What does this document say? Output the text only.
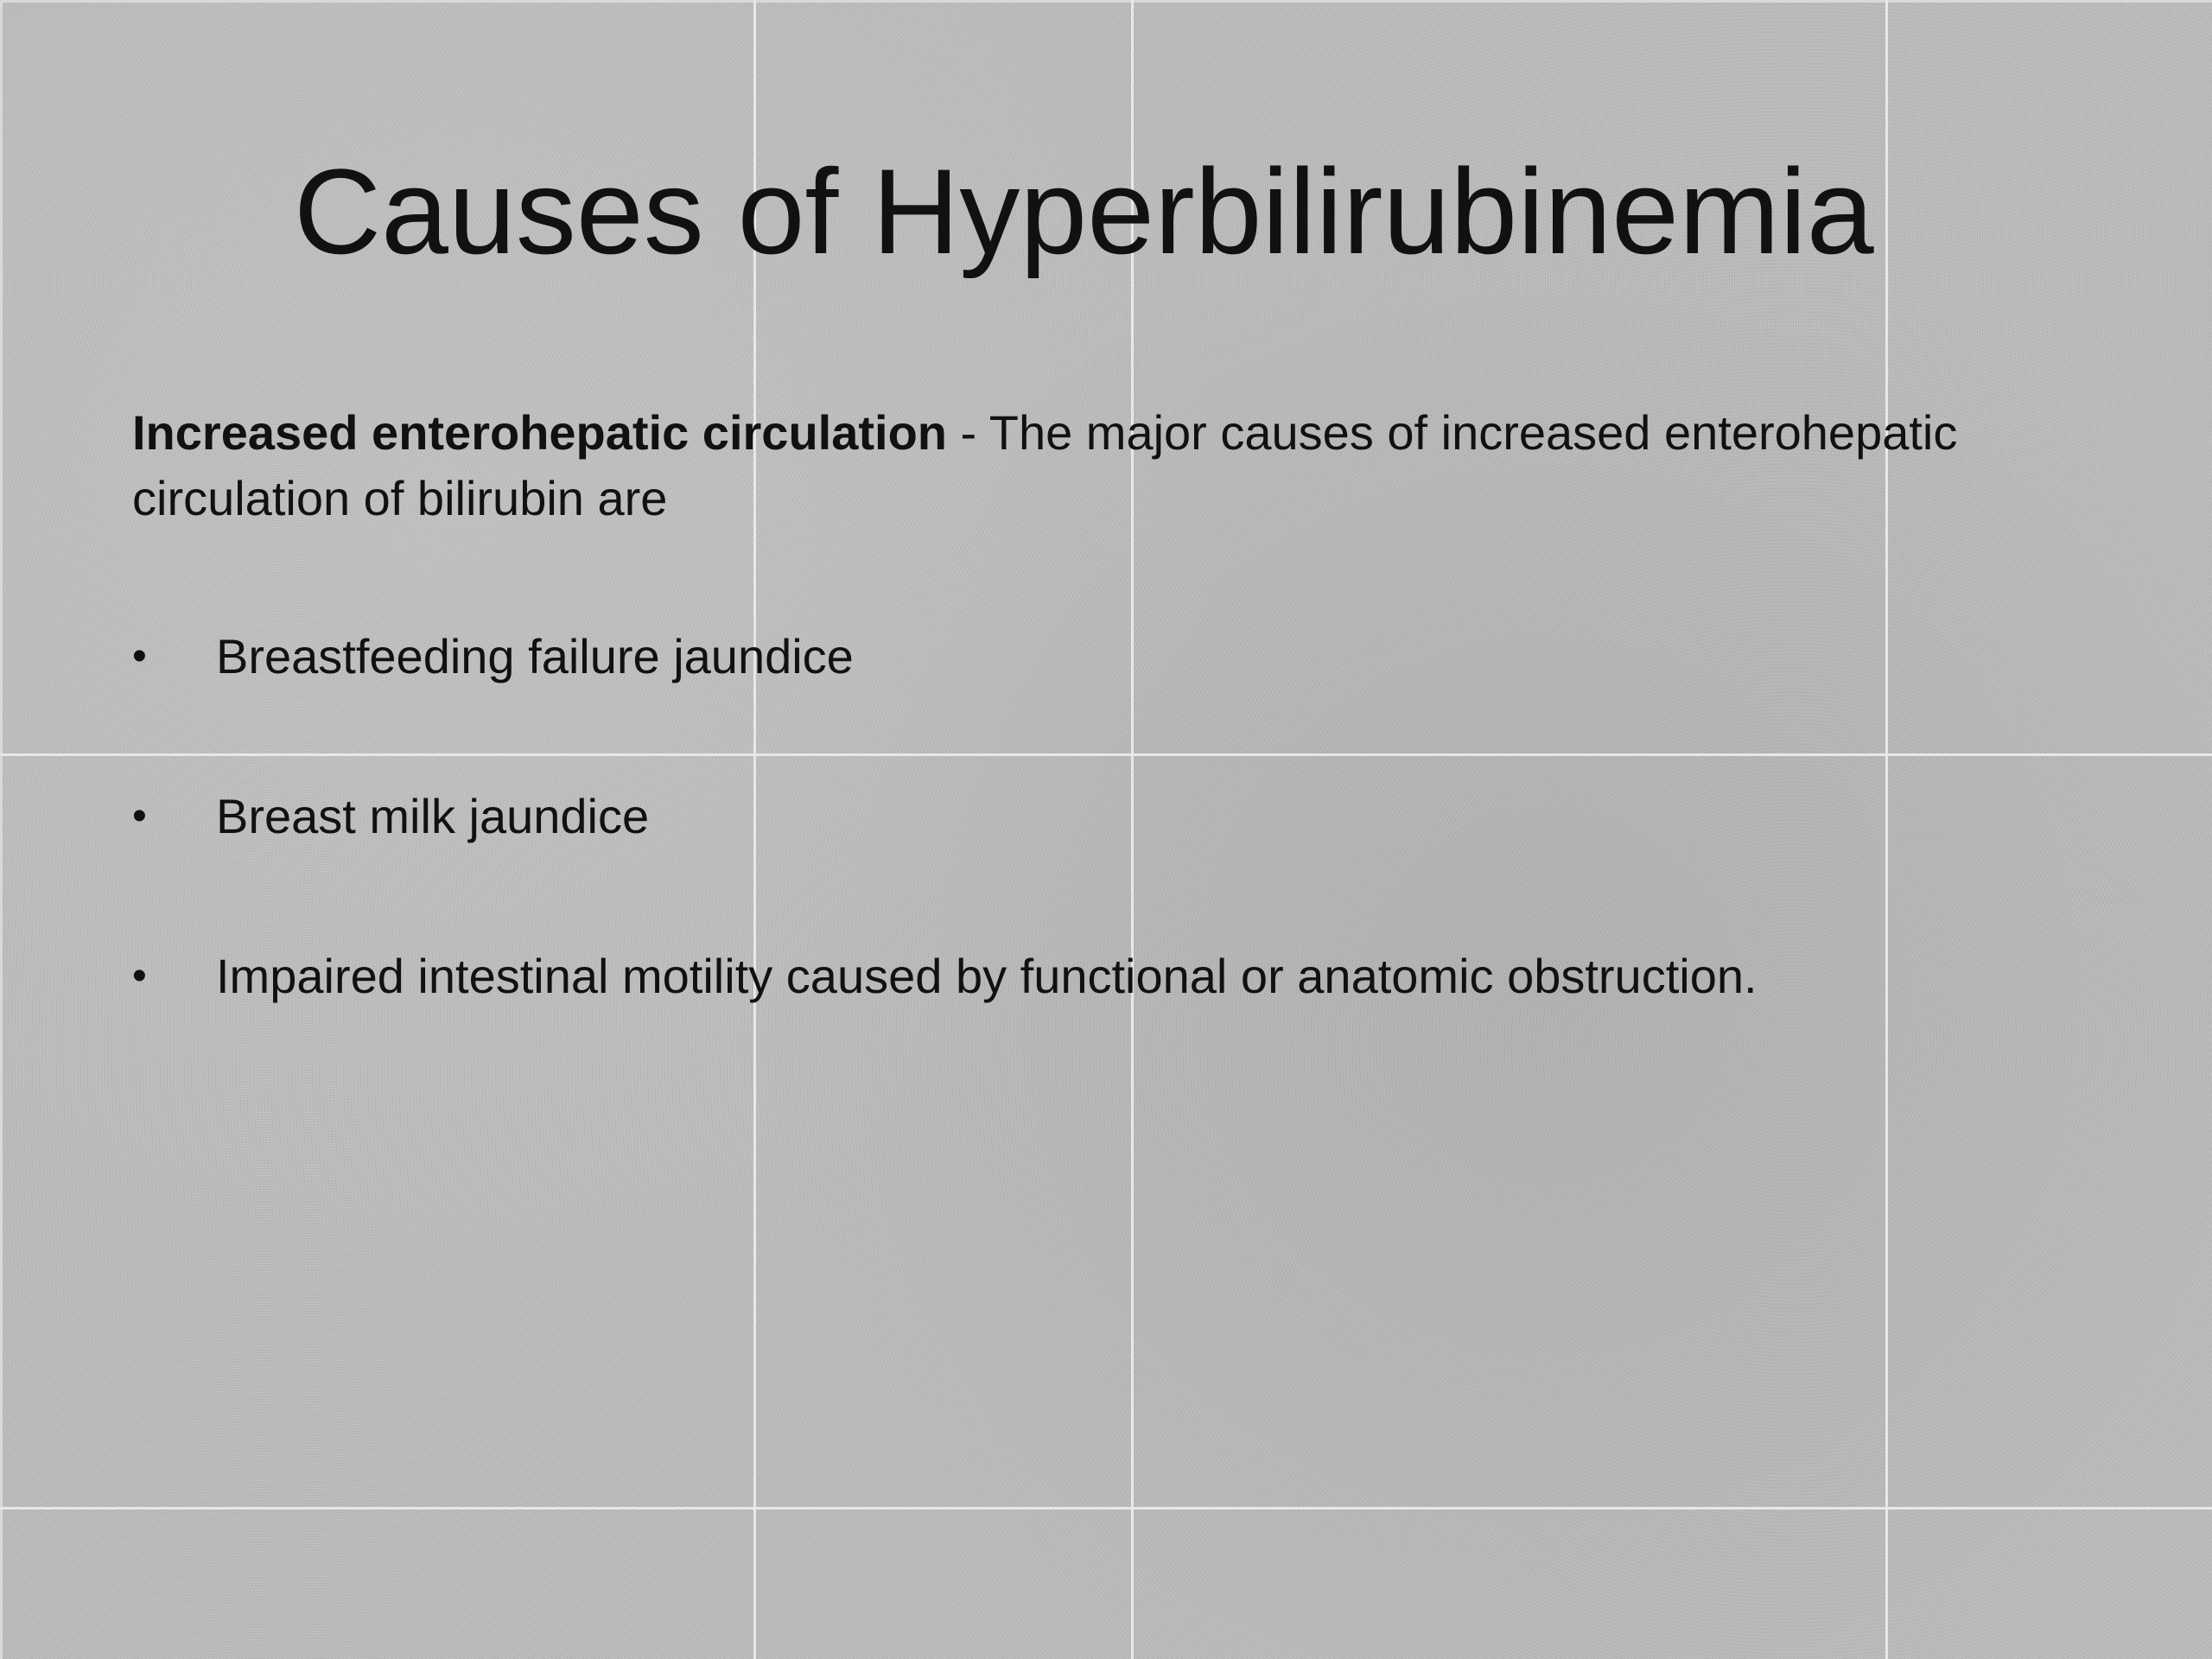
Causes of Hyperbilirubinemia
Increased enterohepatic circulation - The major causes of increased enterohepatic circulation of bilirubin are
•	Breastfeeding failure jaundice
•	Breast milk jaundice
•	Impaired intestinal motility caused by functional or anatomic obstruction.
